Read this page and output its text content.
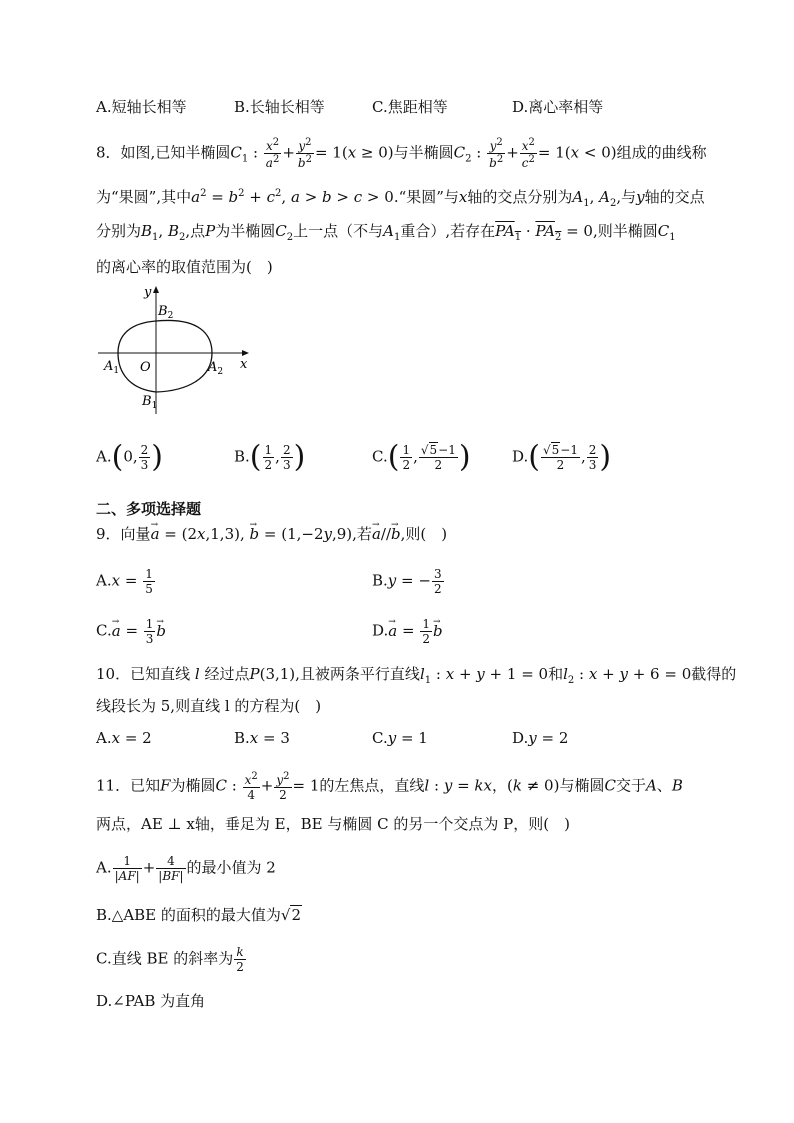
A.短轴长相等	B.长轴长相等	C.焦距相等	D.离心率相等
8．如图,已知半椭圆$C_1$ : $\frac{x^2}{a^2} + \frac{y^2}{b^2} = 1(x \ge 0)$与半椭圆$C_2$ : $\frac{y^2}{b^2} + \frac{x^2}{c^2} = 1(x < 0)$组成的曲线称
为“果圆”,其中$a^2 = b^2 + c^2$, a > b > c > 0.“果圆”与x轴的交点分别为$A_1$, $A_2$,与y轴的交点
分别为$B_1$, $B_2$,点P为半椭圆$C_2$上一点（不与$A_1$重合）,若存在$PA_1 \cdot PA_2 = 0$,则半椭圆$C_1$
的离心率的取值范围为(　)
y
x
O
$A_1$	$A_2$
$B_2$
$B_1$
A.(0, $\frac{2}{3}$ )	$B.( \frac{1}{2}$ , $\frac{2}{3}$ )	$C.( \frac{1}{2}$ , $\frac{√5-1}{2}$ )	$D.( \frac{√5-1}{2}$ , $\frac{2}{3}$ )
二、多项选择题
9．向量→ a = (2x,1,3), → b = (1,−2y,9),若→ a//→ b,则(　)
$A.x = \frac{1}{5}$	B.y = − $\frac{3}{2}$
$C.\to a = \frac{1}{3} \to b$	$D.\to a = \frac{1}{2} \to b$
10．已知直线 l 经过点P(3,1),且被两条平行直线$l_1$ : x + y + 1 = 0和$l_2$ : x + y + 6 = 0截得的
线段长为 5,则直线 l 的方程为(　)
A.x = 2	B.x = 3	C.y = 1	D.y = 2
11．已知F为椭圆C : $\frac{x^2}{4} + \frac{y^2}{2} = 1$的左焦点，直线l : y = kx，(k ≠ 0)与椭圆C交于A、B
两点，AE ⊥ x轴，垂足为 E，BE 与椭圆 C 的另一个交点为 P，则(　)
A. $\frac{1}{|AF|} + \frac{4}{|BF|}$ 的最小值为 2
B.△ABE 的面积的最大值为√2
C.直线 BE 的斜率为 $\frac{k}{2}$
D.∠PAB 为直角
